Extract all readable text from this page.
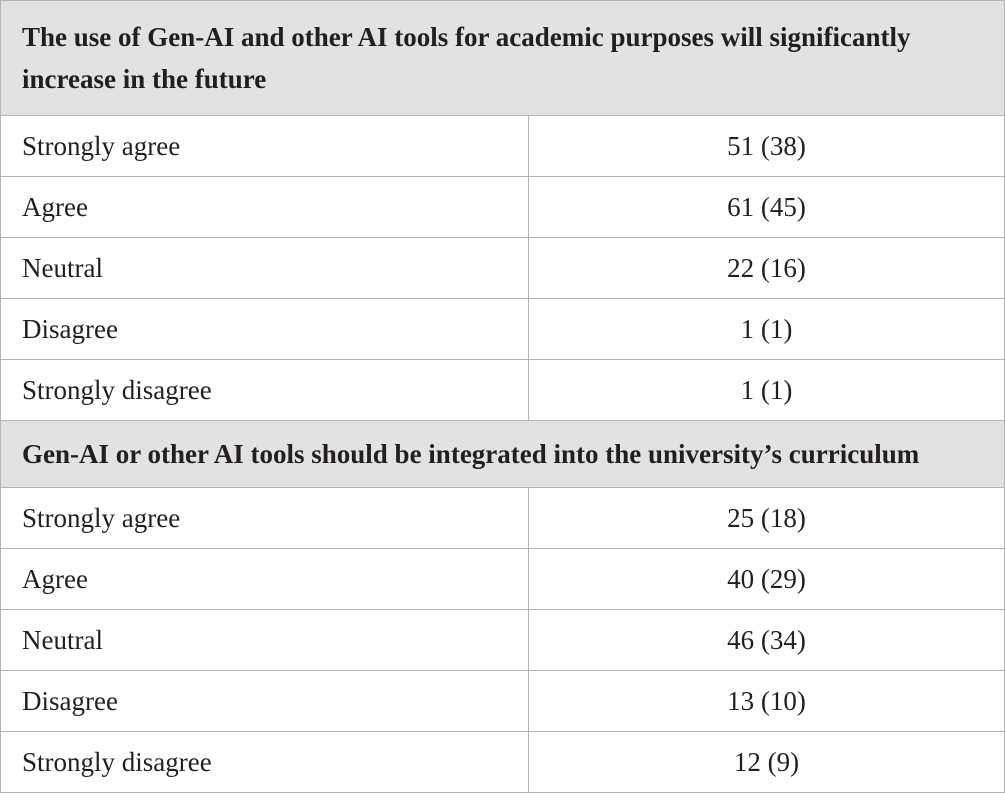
The use of Gen-AI and other AI tools for academic purposes will significantly increase in the future	
Strongly agree	51 (38)
Agree	61 (45)
Neutral	22 (16)
Disagree	1 (1)
Strongly disagree	1 (1)
Gen-AI or other AI tools should be integrated into the university’s curriculum	
Strongly agree	25 (18)
Agree	40 (29)
Neutral	46 (34)
Disagree	13 (10)
Strongly disagree	12 (9)
